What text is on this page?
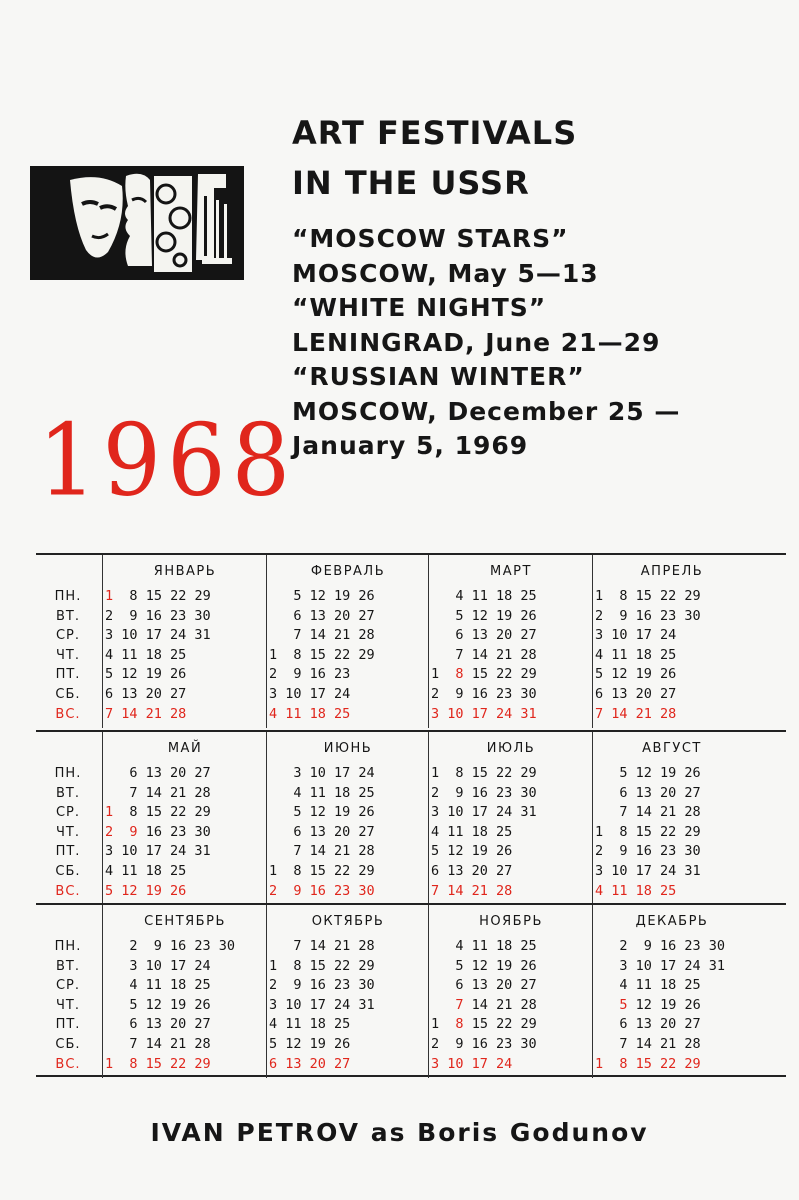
ART FESTIVALS
IN THE USSR
“MOSCOW STARS”
MOSCOW, May 5—13
“WHITE NIGHTS”
LENINGRAD, June 21—29
“RUSSIAN WINTER”
MOSCOW, December 25 —
January 5, 1969
1968
ПН.
ВТ.
СР.
ЧТ.
ПТ.
СБ.
ВС.
ЯНВАРЬ
1 8 15 22 29
2  9 16 23 30
3 10 17 24 31
4 11 18 25
5 12 19 26
6 13 20 27
7 14 21 28
ФЕВРАЛЬ
5 12 19 26
6 13 20 27
7 14 21 28
1  8 15 22 29
2  9 16 23
3 10 17 24
4 11 18 25
МАРТ
4 11 18 25
5 12 19 26
6 13 20 27
7 14 21 28
1 8 15 22 29
2  9 16 23 30
3 10 17 24 31
АПРЕЛЬ
1  8 15 22 29
2  9 16 23 30
3 10 17 24
4 11 18 25
5 12 19 26
6 13 20 27
7 14 21 28
ПН.
ВТ.
СР.
ЧТ.
ПТ.
СБ.
ВС.
МАЙ
6 13 20 27
7 14 21 28
1 8 15 22 29
2 9 16 23 30
3 10 17 24 31
4 11 18 25
5 12 19 26
ИЮНЬ
3 10 17 24
4 11 18 25
5 12 19 26
6 13 20 27
7 14 21 28
1  8 15 22 29
2  9 16 23 30
ИЮЛЬ
1  8 15 22 29
2  9 16 23 30
3 10 17 24 31
4 11 18 25
5 12 19 26
6 13 20 27
7 14 21 28
АВГУСТ
5 12 19 26
6 13 20 27
7 14 21 28
1  8 15 22 29
2  9 16 23 30
3 10 17 24 31
4 11 18 25
ПН.
ВТ.
СР.
ЧТ.
ПТ.
СБ.
ВС.
СЕНТЯБРЬ
2  9 16 23 30
3 10 17 24
4 11 18 25
5 12 19 26
6 13 20 27
7 14 21 28
1  8 15 22 29
ОКТЯБРЬ
7 14 21 28
1  8 15 22 29
2  9 16 23 30
3 10 17 24 31
4 11 18 25
5 12 19 26
6 13 20 27
НОЯБРЬ
4 11 18 25
5 12 19 26
6 13 20 27
7 14 21 28
1 8 15 22 29
2  9 16 23 30
3 10 17 24
ДЕКАБРЬ
2  9 16 23 30
3 10 17 24 31
4 11 18 25
5 12 19 26
6 13 20 27
7 14 21 28
1  8 15 22 29
IVAN PETROV as Boris Godunov
